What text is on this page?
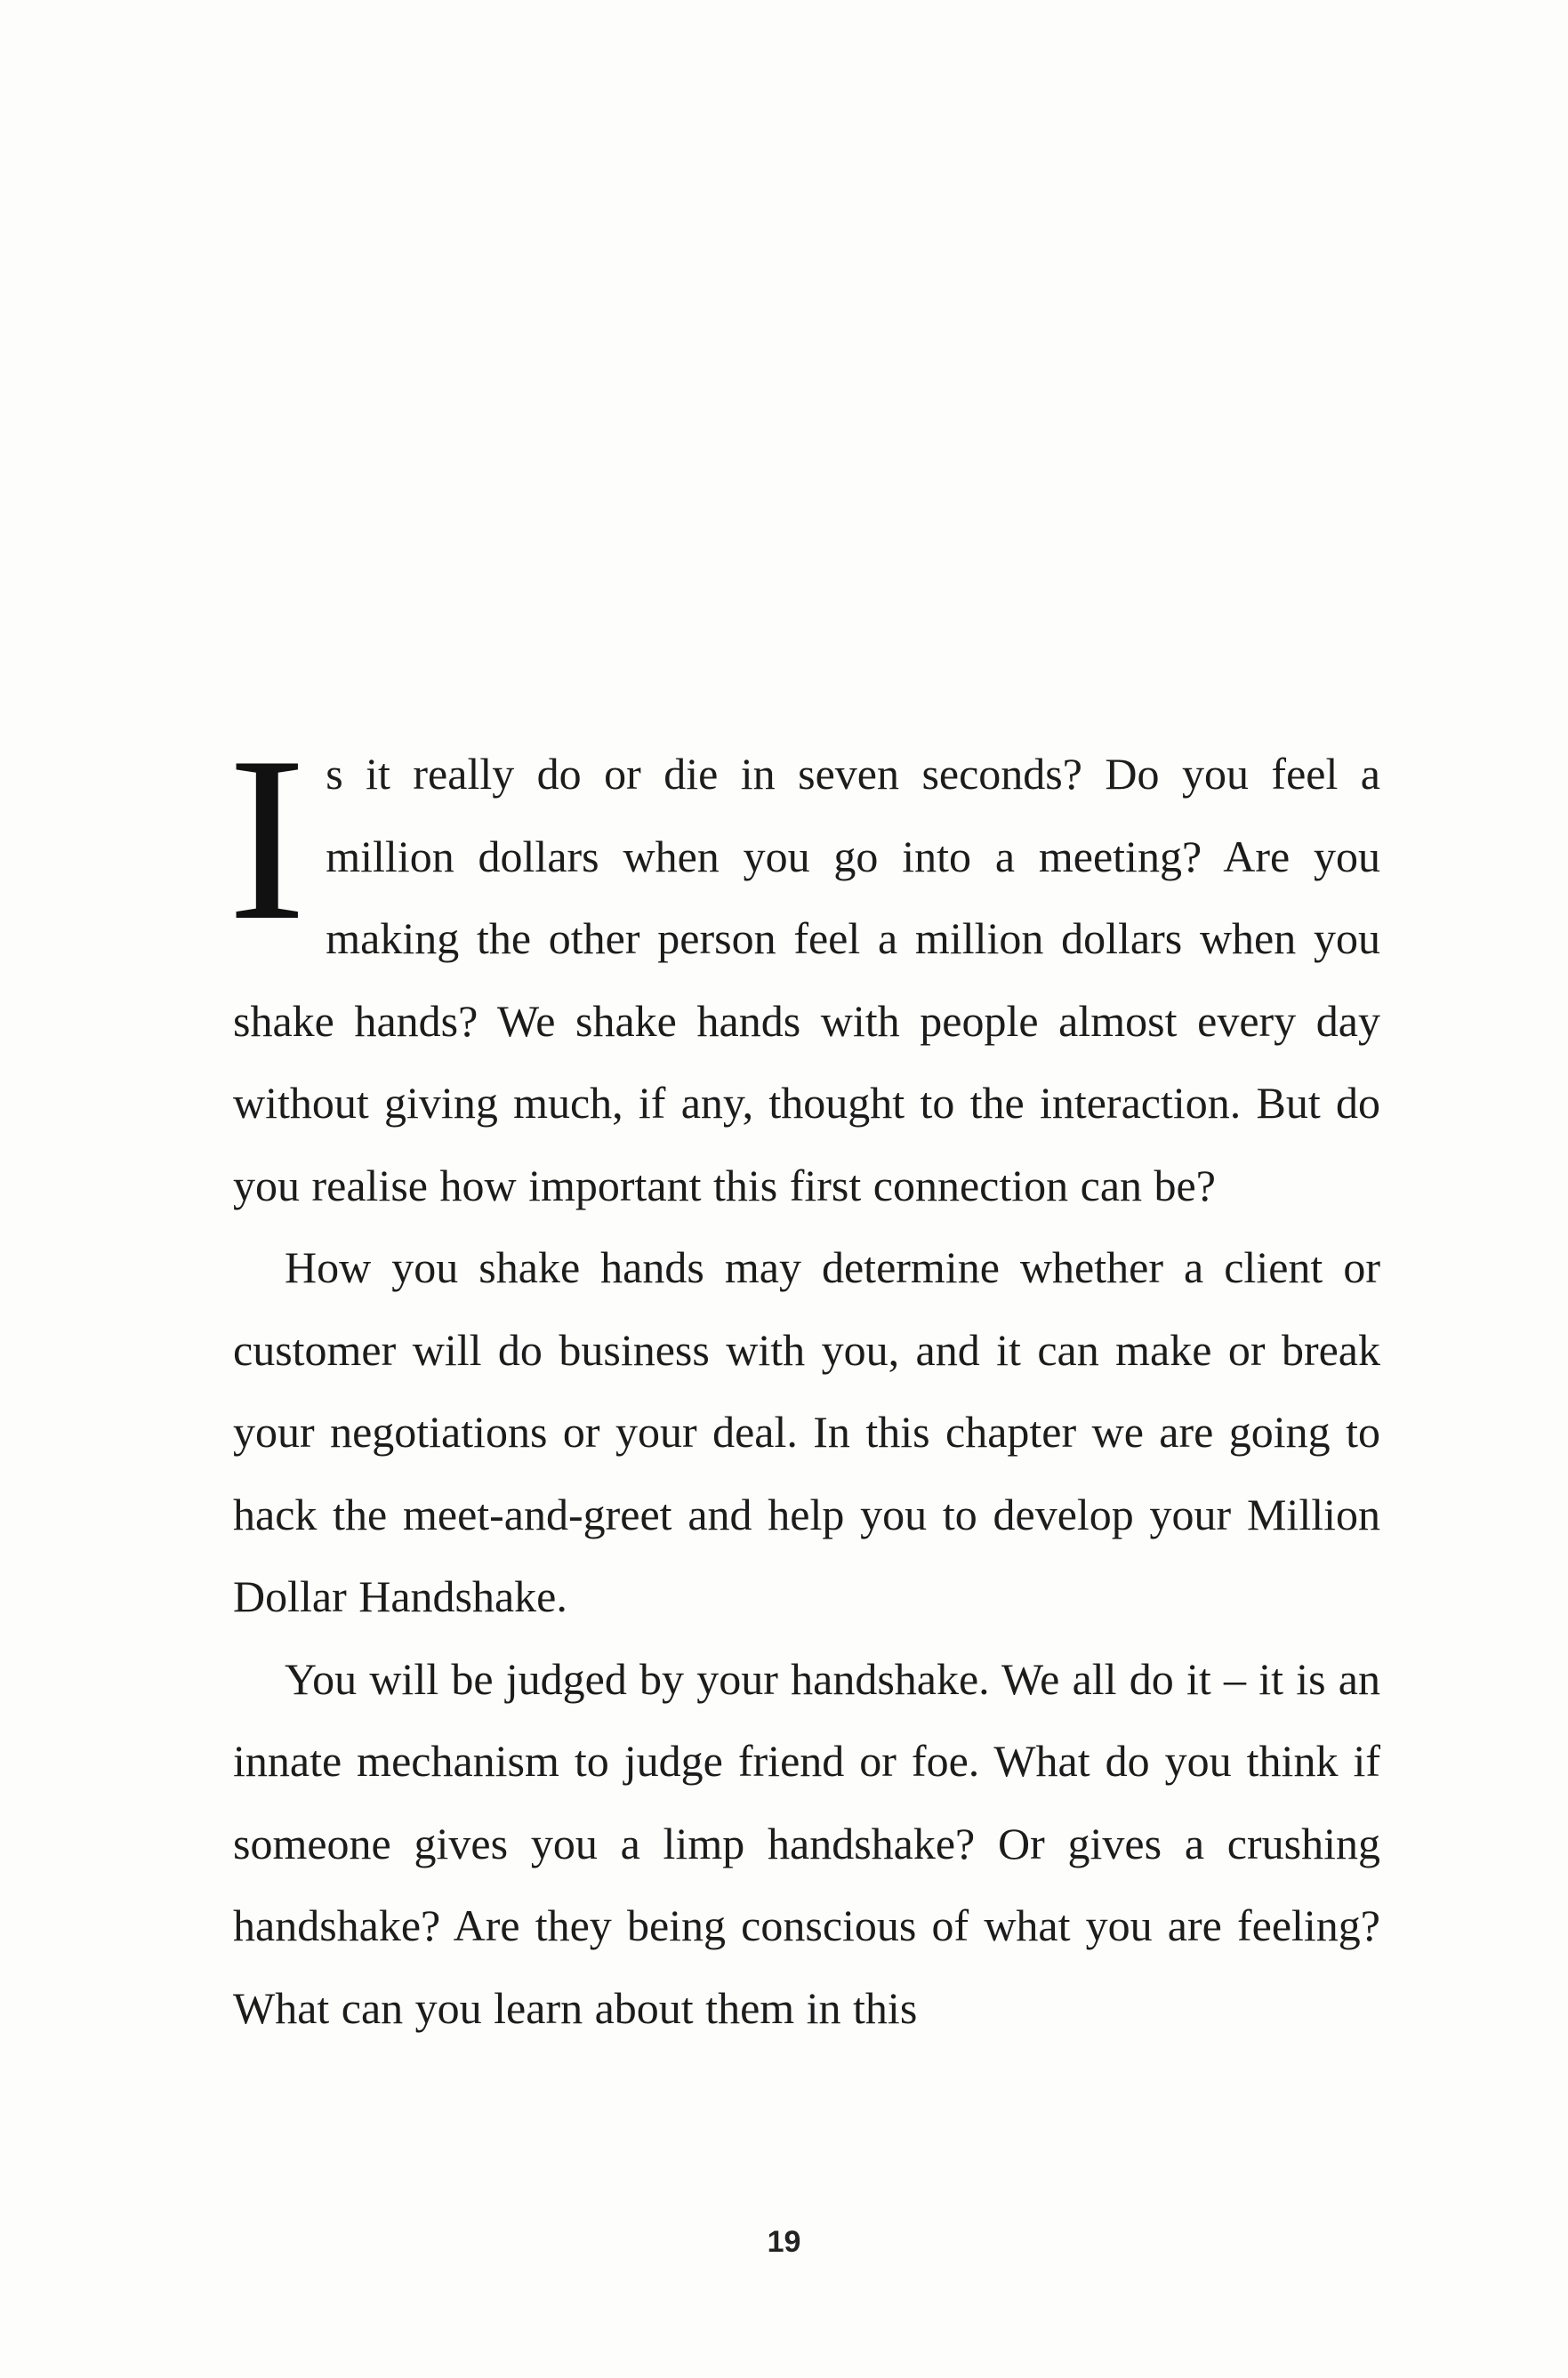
Is it really do or die in seven seconds? Do you feel a million dollars when you go into a meeting? Are you making the other person feel a million dollars when you shake hands? We shake hands with people almost every day without giving much, if any, thought to the interaction. But do you realise how important this first connection can be?

How you shake hands may determine whether a client or customer will do business with you, and it can make or break your negotiations or your deal. In this chapter we are going to hack the meet-and-greet and help you to develop your Million Dollar Handshake.

You will be judged by your handshake. We all do it – it is an innate mechanism to judge friend or foe. What do you think if someone gives you a limp handshake? Or gives a crushing handshake? Are they being conscious of what you are feeling? What can you learn about them in this

19
